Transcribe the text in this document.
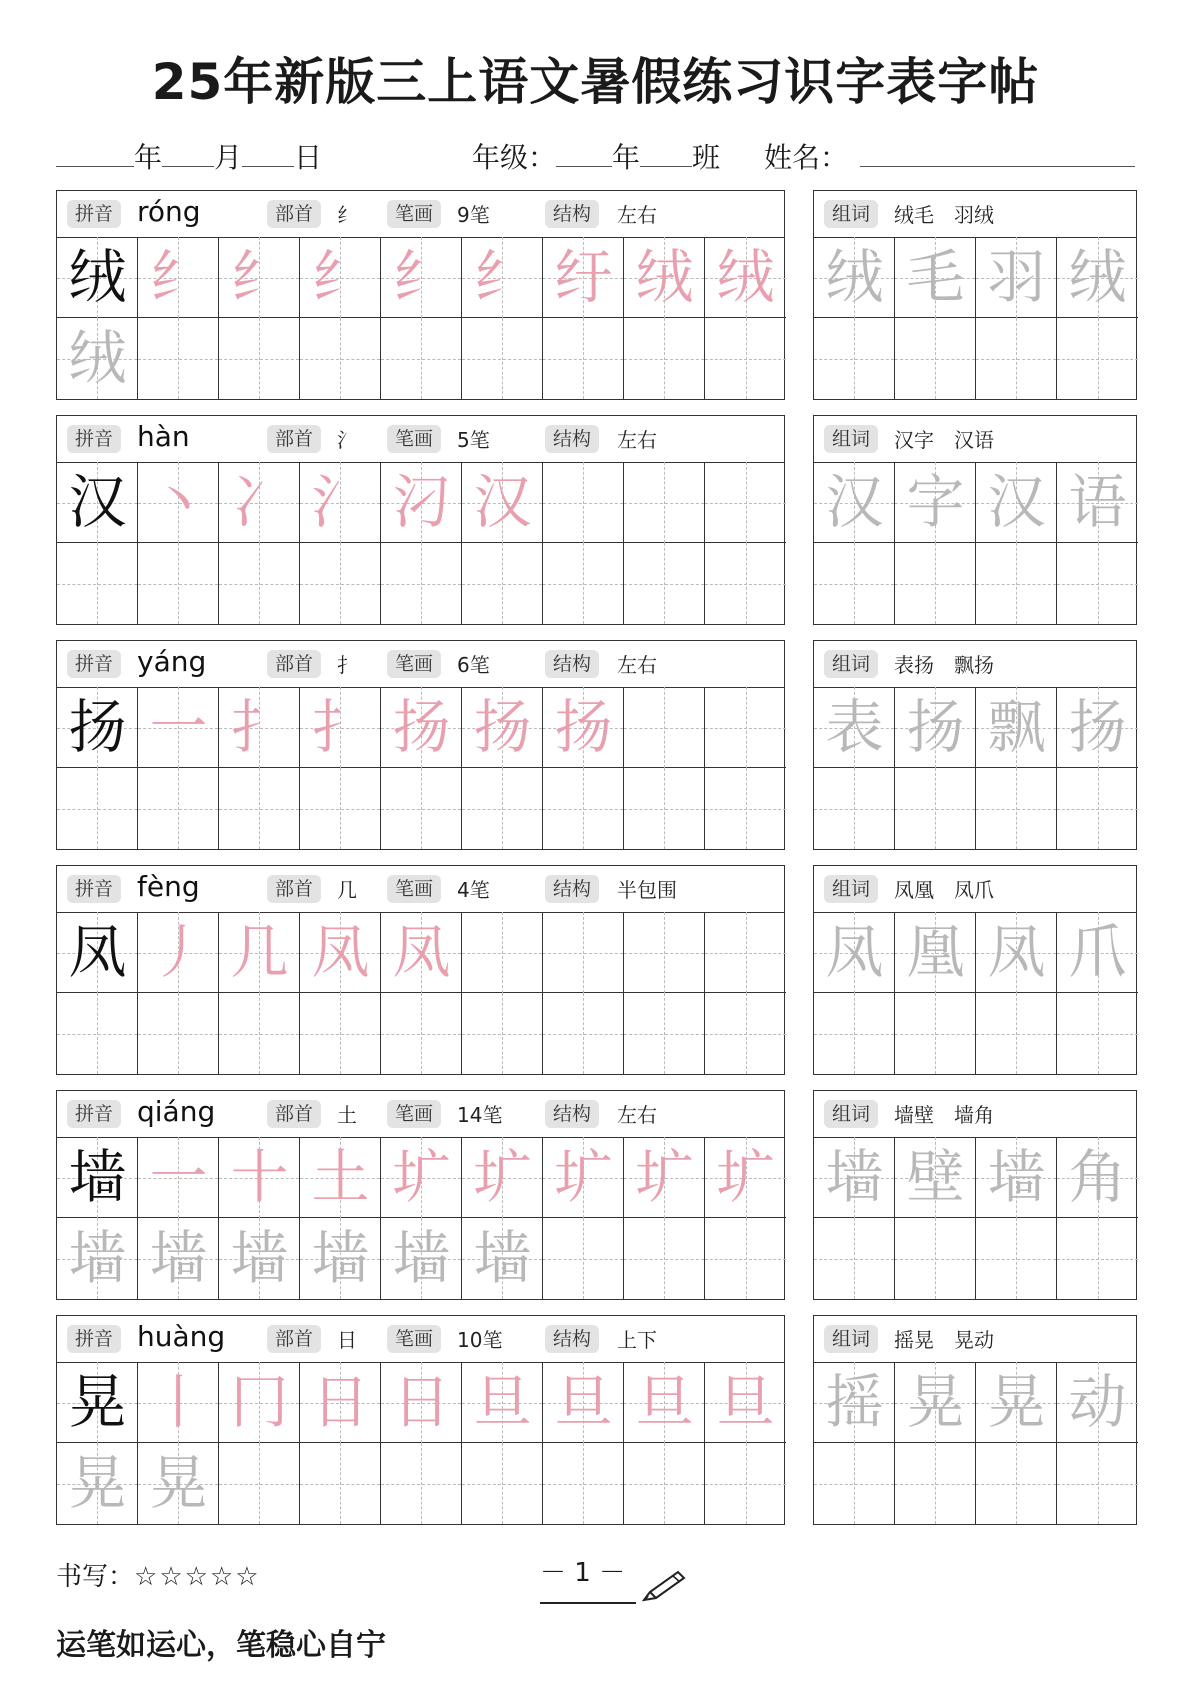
25年新版三上语文暑假练习识字表字帖
年 月 日	年级： 年 班 姓名：
拼音 róng	部首	纟	笔画	9笔	结构	左右
绒 纟 纟 纟 纟 纟 纡 绒 绒
绒
组词	绒毛　羽绒
绒 毛 羽 绒
拼音 hàn	部首	氵	笔画	5笔	结构	左右
汉 丶 冫 氵 汈 汉
组词	汉字　汉语
汉 字 汉 语
拼音 yáng	部首	扌	笔画	6笔	结构	左右
扬 一 扌 扌 扬 扬 扬
组词	表扬　飘扬
表 扬 飘 扬
拼音 fèng	部首	几	笔画	4笔	结构	半包围
凤 丿 几 凤 凤
组词	凤凰　凤爪
凤 凰 凤 爪
拼音 qiáng	部首	土	笔画	14笔	结构	左右
墙 一 十 土 圹 圹 圹 圹 圹
墙 墙 墙 墙 墙 墙
组词	墙壁　墙角
墙 壁 墙 角
拼音 huàng	部首	日	笔画	10笔	结构	上下
晃 丨 冂 日 日 旦 旦 旦 旦
晃 晃
组词	摇晃　晃动
摇 晃 晃 动
书写：☆☆☆☆☆	－ 1 －
运笔如运心，笔稳心自宁
